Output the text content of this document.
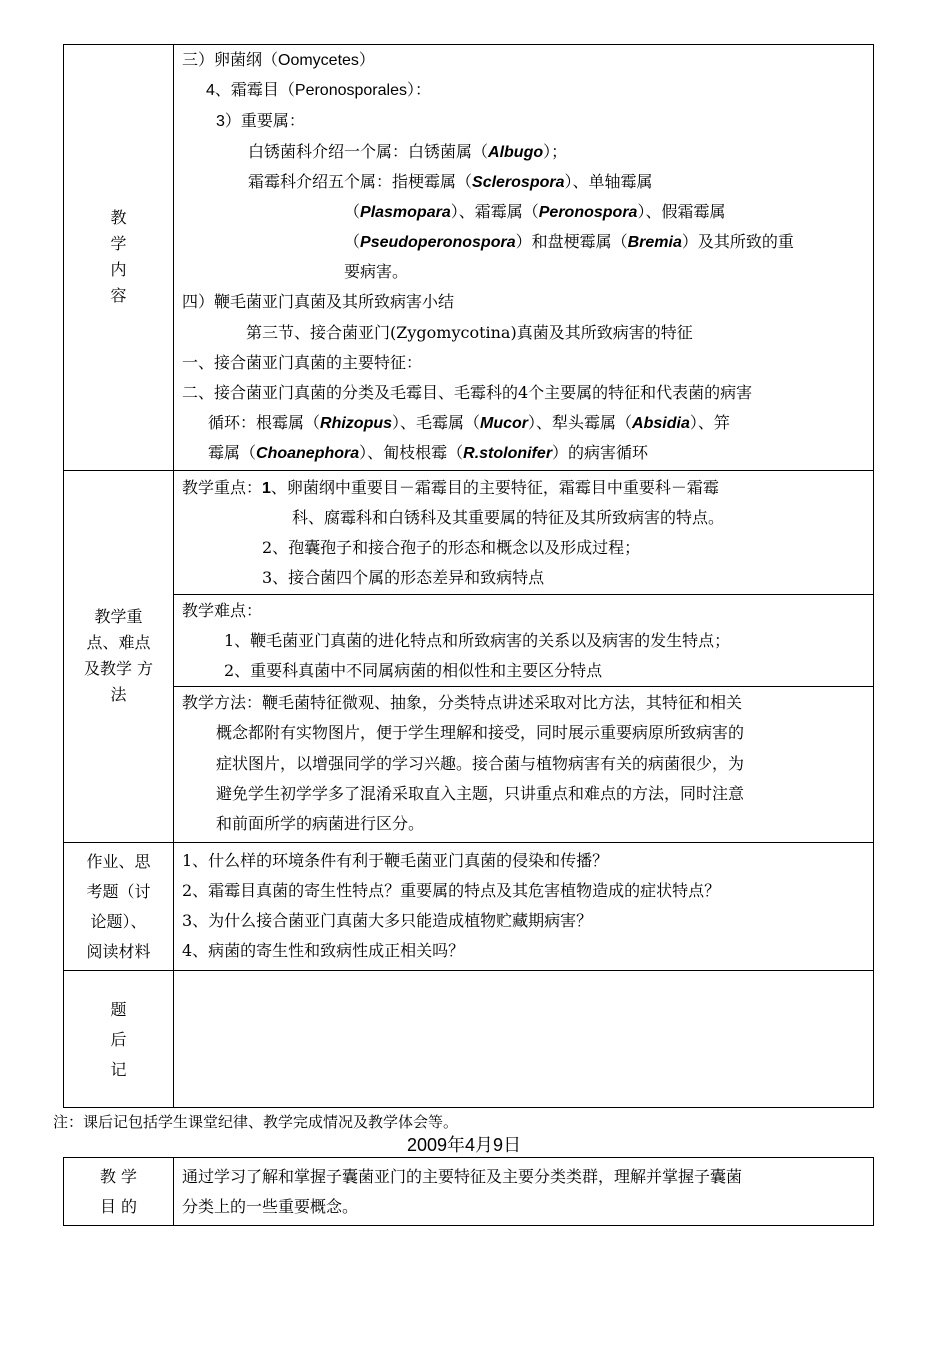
教
学
内
容
三）卵菌纲（Oomycetes）
4、霜霉目（Peronosporales）：
3）重要属：
白锈菌科介绍一个属：白锈菌属（Albugo）；
霜霉科介绍五个属：指梗霉属（Sclerospora）、单轴霉属
（Plasmopara）、霜霉属（Peronospora）、假霜霉属
（Pseudoperonospora）和盘梗霉属（Bremia）及其所致的重
要病害。
四）鞭毛菌亚门真菌及其所致病害小结
第三节、接合菌亚门(Zygomycotina)真菌及其所致病害的特征
一、接合菌亚门真菌的主要特征：
二、接合菌亚门真菌的分类及毛霉目、毛霉科的4个主要属的特征和代表菌的病害
循环：根霉属（Rhizopus）、毛霉属（Mucor）、犁头霉属（Absidia）、笄
霉属（Choanephora）、匍枝根霉（R.stolonifer）的病害循环
教学重
点、难点
及教学 方
法
教学重点：1、卵菌纲中重要目－霜霉目的主要特征，霜霉目中重要科－霜霉
科、腐霉科和白锈科及其重要属的特征及其所致病害的特点。
2、孢囊孢子和接合孢子的形态和概念以及形成过程；
3、接合菌四个属的形态差异和致病特点
教学难点：
1、鞭毛菌亚门真菌的进化特点和所致病害的关系以及病害的发生特点；
2、重要科真菌中不同属病菌的相似性和主要区分特点
教学方法：鞭毛菌特征微观、抽象，分类特点讲述采取对比方法，其特征和相关
概念都附有实物图片，便于学生理解和接受，同时展示重要病原所致病害的
症状图片，以增强同学的学习兴趣。接合菌与植物病害有关的病菌很少，为
避免学生初学学多了混淆采取直入主题，只讲重点和难点的方法，同时注意
和前面所学的病菌进行区分。
作业、思
考题（讨
论题）、
阅读材料
1、什么样的环境条件有利于鞭毛菌亚门真菌的侵染和传播？
2、霜霉目真菌的寄生性特点？重要属的特点及其危害植物造成的症状特点？
3、为什么接合菌亚门真菌大多只能造成植物贮藏期病害？
4、病菌的寄生性和致病性成正相关吗？
题
后
记
注：课后记包括学生课堂纪律、教学完成情况及教学体会等。
2009年4月9日
教 学
目 的
通过学习了解和掌握子囊菌亚门的主要特征及主要分类类群，理解并掌握子囊菌
分类上的一些重要概念。
